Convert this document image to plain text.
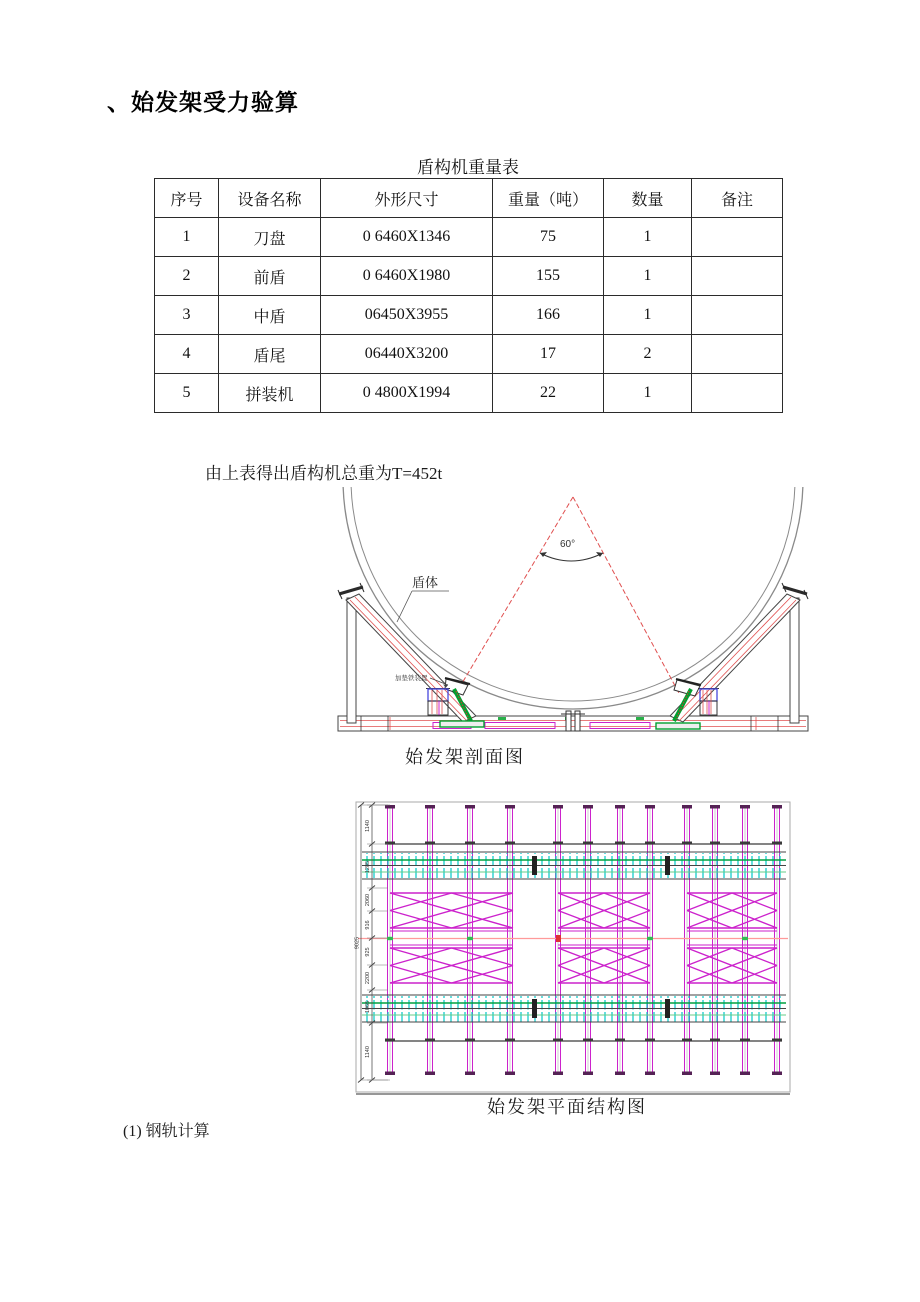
、始发架受力验算
盾构机重量表
序号	设备名称	外形尺寸	重量（吨）	数量	备注
1	刀盘	0 6460X1346	75	1	
2	前盾	0 6460X1980	155	1	
3	中盾	06450X3955	166	1	
4	盾尾	06440X3200	17	2	
5	拼装机	0 4800X1994	22	1	
由上表得出盾构机总重为T=452t
60°
盾体
加垫铁装置
始发架剖面图
1140
1285
2060
916
925
2200
1065
1140
9025
始发架平面结构图
(1) 钢轨计算
